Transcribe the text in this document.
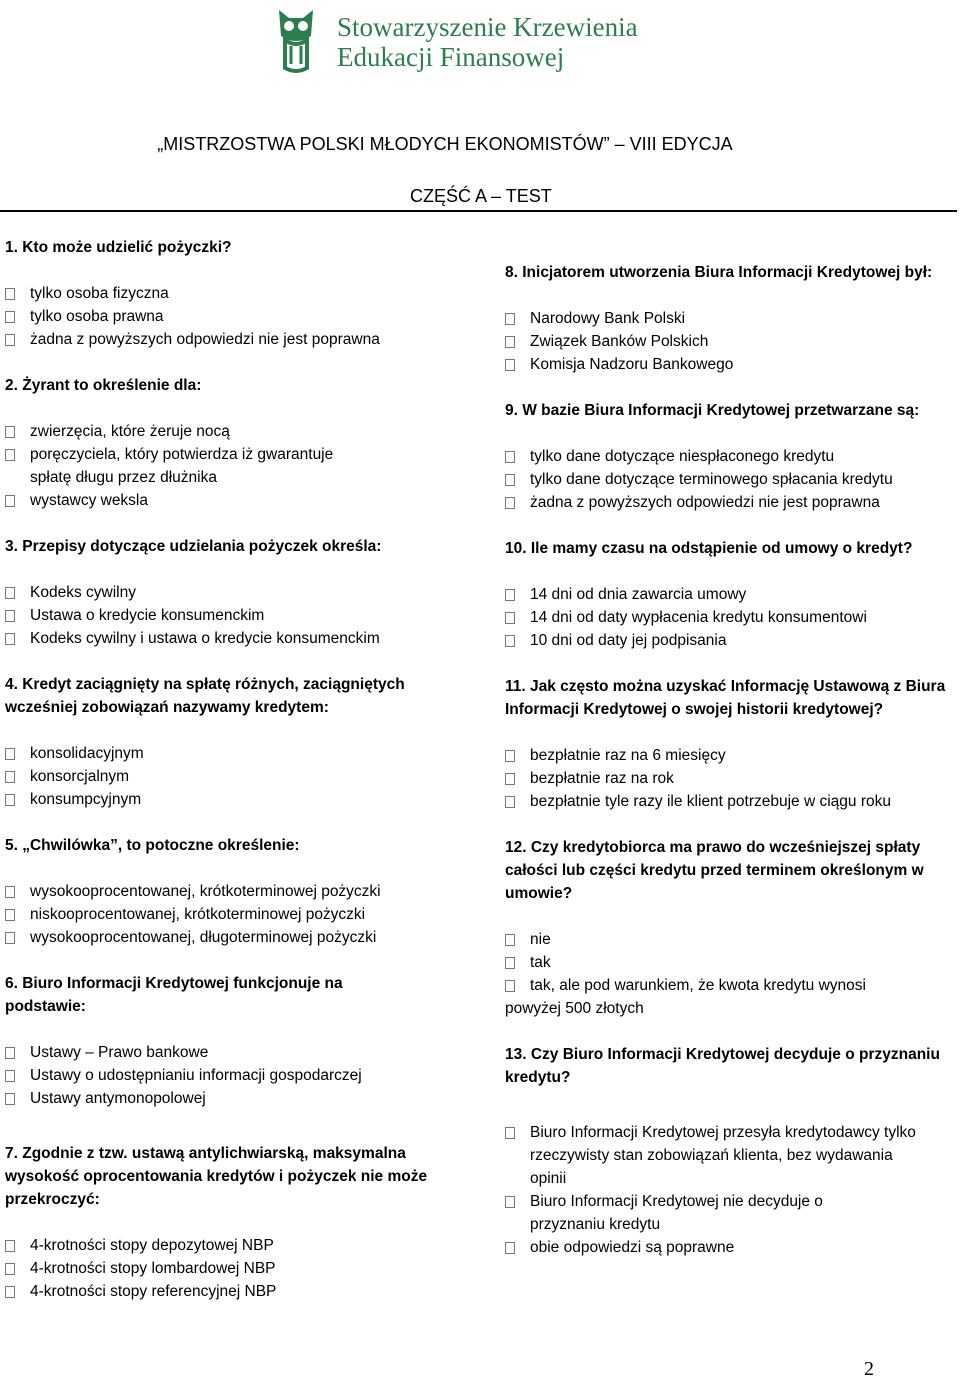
Stowarzyszenie Krzewienia
Edukacji Finansowej
„MISTRZOSTWA POLSKI MŁODYCH EKONOMISTÓW” – VIII EDYCJA
CZĘŚĆ A – TEST

1. Kto może udzielić pożyczki?

tylko osoba fizyczna
tylko osoba prawna
żadna z powyższych odpowiedzi nie jest poprawna

2. Żyrant to określenie dla:

zwierzęcia, które żeruje nocą
poręczyciela, który potwierdza iż gwarantuje spłatę długu przez dłużnika
wystawcy weksla

3. Przepisy dotyczące udzielania pożyczek określa:

Kodeks cywilny
Ustawa o kredycie konsumenckim
Kodeks cywilny i ustawa o kredycie konsumenckim

4. Kredyt zaciągnięty na spłatę różnych, zaciągniętych wcześniej zobowiązań nazywamy kredytem:

konsolidacyjnym
konsorcjalnym
konsumpcyjnym

5. „Chwilówka”, to potoczne określenie:

wysokooprocentowanej, krótkoterminowej pożyczki
niskooprocentowanej, krótkoterminowej pożyczki
wysokooprocentowanej, długoterminowej pożyczki

6. Biuro Informacji Kredytowej funkcjonuje na podstawie:

Ustawy – Prawo bankowe
Ustawy o udostępnianiu informacji gospodarczej
Ustawy antymonopolowej

7. Zgodnie z tzw. ustawą antylichwiarską, maksymalna wysokość oprocentowania kredytów i pożyczek nie może przekroczyć:

4-krotności stopy depozytowej NBP
4-krotności stopy lombardowej NBP
4-krotności stopy referencyjnej NBP

8. Inicjatorem utworzenia Biura Informacji Kredytowej był:

Narodowy Bank Polski
Związek Banków Polskich
Komisja Nadzoru Bankowego

9. W bazie Biura Informacji Kredytowej przetwarzane są:

tylko dane dotyczące niespłaconego kredytu
tylko dane dotyczące terminowego spłacania kredytu
żadna z powyższych odpowiedzi nie jest poprawna

10. Ile mamy czasu na odstąpienie od umowy o kredyt?

14 dni od dnia zawarcia umowy
14 dni od daty wypłacenia kredytu konsumentowi
10 dni od daty jej podpisania

11. Jak często można uzyskać Informację Ustawową z Biura Informacji Kredytowej o swojej historii kredytowej?

bezpłatnie raz na 6 miesięcy
bezpłatnie raz na rok
bezpłatnie tyle razy ile klient potrzebuje w ciągu roku

12. Czy kredytobiorca ma prawo do wcześniejszej spłaty całości lub części kredytu przed terminem określonym w umowie?

nie
tak
tak, ale pod warunkiem, że kwota kredytu wynosi
powyżej 500 złotych

13. Czy Biuro Informacji Kredytowej decyduje o przyznaniu kredytu?

Biuro Informacji Kredytowej przesyła kredytodawcy tylko rzeczywisty stan zobowiązań klienta, bez wydawania opinii
Biuro Informacji Kredytowej nie decyduje o przyznaniu kredytu
obie odpowiedzi są poprawne
2
